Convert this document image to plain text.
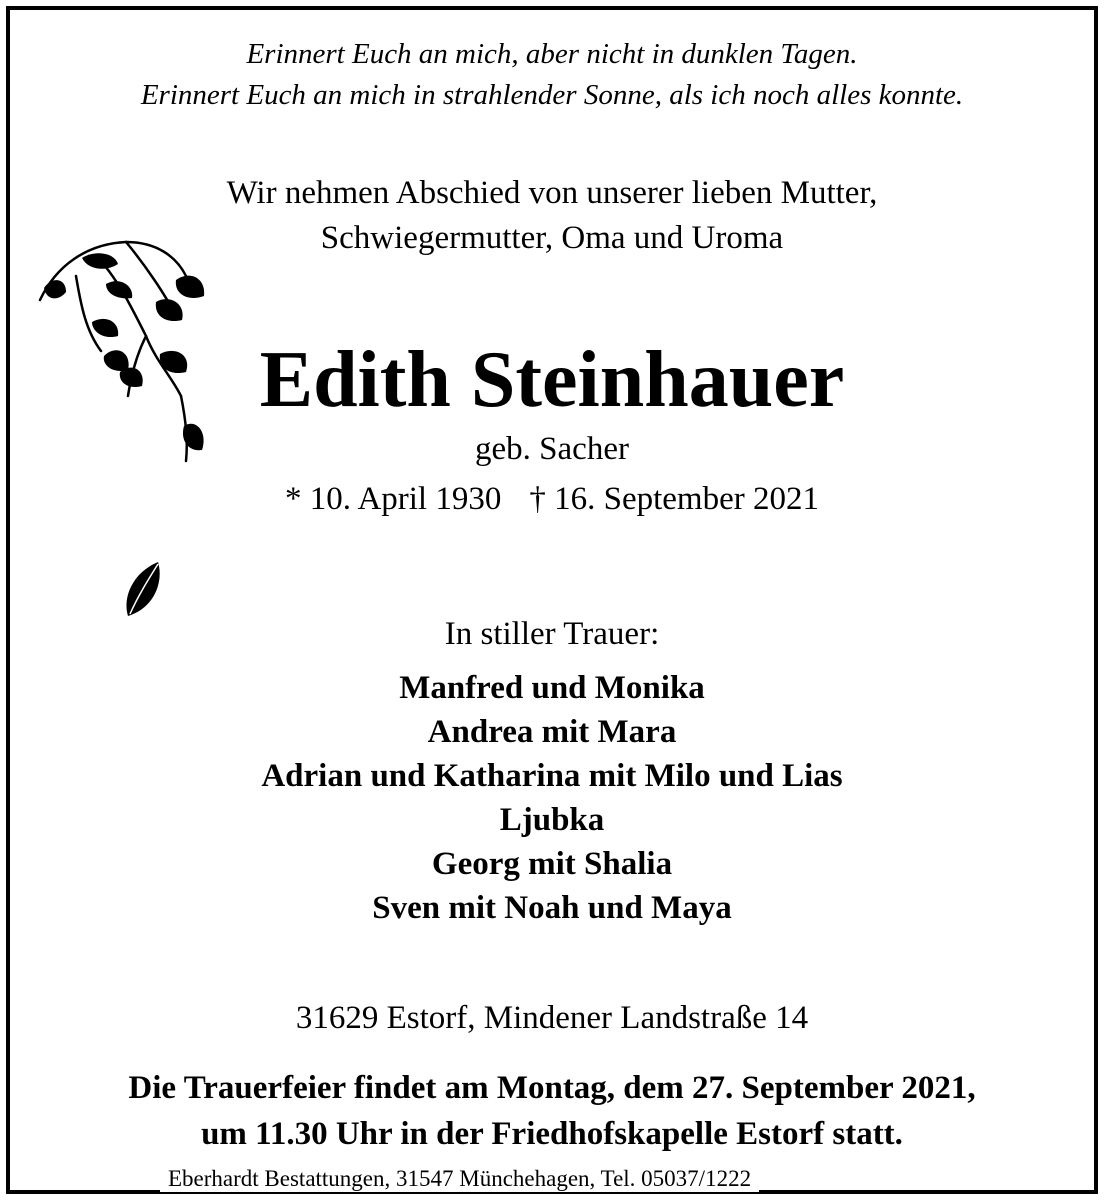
Erinnert Euch an mich, aber nicht in dunklen Tagen.
Erinnert Euch an mich in strahlender Sonne, als ich noch alles konnte.
Wir nehmen Abschied von unserer lieben Mutter,
Schwiegermutter, Oma und Uroma
Edith Steinhauer
geb. Sacher
* 10. April 1930 † 16. September 2021
In stiller Trauer:
Manfred und Monika
Andrea mit Mara
Adrian und Katharina mit Milo und Lias
Ljubka
Georg mit Shalia
Sven mit Noah und Maya
31629 Estorf, Mindener Landstraße 14
Die Trauerfeier findet am Montag, dem 27. September 2021,
um 11.30 Uhr in der Friedhofskapelle Estorf statt.
Eberhardt Bestattungen, 31547 Münchehagen, Tel. 05037/1222
